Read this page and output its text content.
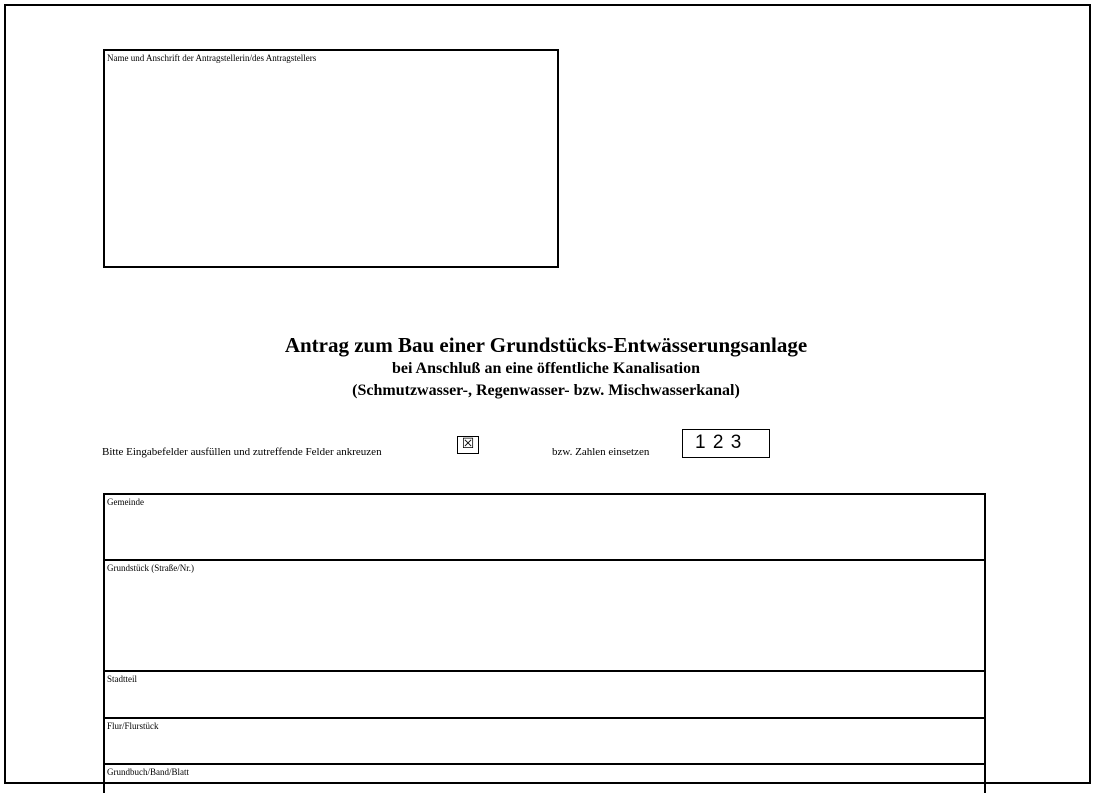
Name und Anschrift der Antragstellerin/des Antragstellers
Antrag zum Bau einer Grundstücks-Entwässerungsanlage
bei Anschluß an eine öffentliche Kanalisation
(Schmutzwasser-, Regenwasser- bzw. Mischwasserkanal)
Bitte Eingabefelder ausfüllen und zutreffende Felder ankreuzen	☒	bzw. Zahlen einsetzen	1 2 3
Gemeinde
Grundstück (Straße/Nr.)
Stadtteil
Flur/Flurstück
Grundbuch/Band/Blatt
